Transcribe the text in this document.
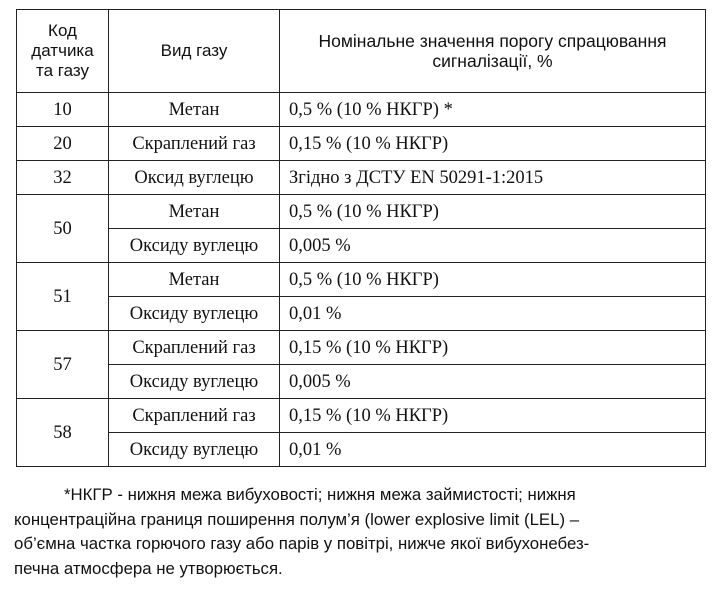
Код
датчика
та газу	Вид газу	Номінальне значення порогу спрацювання
сигналізації, %
10	Метан	0,5 % (10 % НКГР) *
20	Скраплений газ	0,15 % (10 % НКГР)
32	Оксид вуглецю	Згідно з ДСТУ EN 50291-1:2015
50	Метан	0,5 % (10 % НКГР)
	Оксиду вуглецю	0,005 %
51	Метан	0,5 % (10 % НКГР)
	Оксиду вуглецю	0,01 %
57	Скраплений газ	0,15 % (10 % НКГР)
	Оксиду вуглецю	0,005 %
58	Скраплений газ	0,15 % (10 % НКГР)
	Оксиду вуглецю	0,01 %
*НКГР - нижня межа вибуховості; нижня межа займистості; нижня
концентраційна границя поширення полум’я (lower explosive limit (LEL) –
об’ємна частка горючого газу або парів у повітрі, нижче якої вибухонебез-
печна атмосфера не утворюється.
